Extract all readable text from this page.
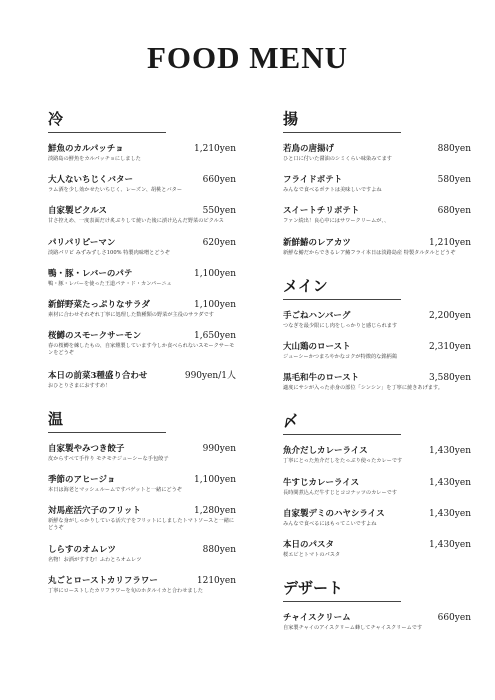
FOOD MENU
冷
鮮魚のカルパッチョ	1,210yen
淡路島の鮮魚をカルパッチョにしました
大人ないちじくバター	660yen
ラム酒を少し効かせたいちじく、レーズン、胡桃とバター
自家製ピクルス	550yen
甘さ控えめ、一度表面だけ炙ぶりして焼いた後に漬け込んだ野菜のピクルス
パリパリピーマン	620yen
淡路パリピ みずみずしさ100% 特製肉味噌とどうぞ
鴨・豚・レバーのパテ	1,100yen
鴨・豚・レバーを使った王道パテ・ド・カンパーニュ
新鮮野菜たっぷりなサラダ	1,100yen
素材に合わせそれぞれ丁寧に処理した数種類の野菜が主役のサラダです
桜鱒のスモークサーモン	1,650yen
春の桜鱒を練したもの、自家燻製しています今しか食べられないスモークサーモンをどうぞ
本日の前菜3種盛り合わせ	990yen/1人
おひとりさまにおすすめ！
温
自家製やみつき餃子	990yen
皮からすべて手作り モチモチジューシーな手包餃子
季節のアヒージョ	1,100yen
本日は海老とマッシュルームですバゲットと一緒にどうぞ
対馬産活穴子のフリット	1,280yen
新鮮な身がしっかりしている活穴子をフリットにしましたトマトソースと一緒にどうぞ
しらすのオムレツ	880yen
名物！お酒がすすむ！ふわとろオムレツ
丸ごとローストカリフラワー	1210yen
丁寧にローストしたカリフラワーを旬のホタルイカと合わせました
揚
若鳥の唐揚げ	880yen
ひと口に付いた醤油のシミくらい味染みてます
フライドポテト	580yen
みんなで食べるポテトは美味しいですよね
スイートチリポテト	680yen
ファン続出！良心中にはサワークリームが、、
新鮮鰆のレアカツ	1,210yen
新鮮な鰆だからできるレア鰆フライ本日は淡路島産 特製タルタルとどうぞ
メイン
手ごねハンバーグ	2,200yen
つなぎを最少限にし肉をしっかりと感じられます
大山鶏のロースト	2,310yen
ジューシーかつまろやかなコクが特徴的な銘柄鶏
黒毛和牛のロースト	3,580yen
適度にサシが入った赤身の部位「シンシン」を丁寧に焼きあげます。
〆
魚介だしカレーライス	1,430yen
丁寧にとった魚介だしをたっぷり使ったカレーです
牛すじカレーライス	1,430yen
長時間煮込んだ牛すじとココナッツのカレーです
自家製デミのハヤシライス	1,430yen
みんなで食べるにはもってこいですよね
本日のパスタ	1,430yen
桜エビとトマトのパスタ
デザート
チャイスクリーム	660yen
自家製チャイのアイスクリーム蜂してチャイスクリームです
